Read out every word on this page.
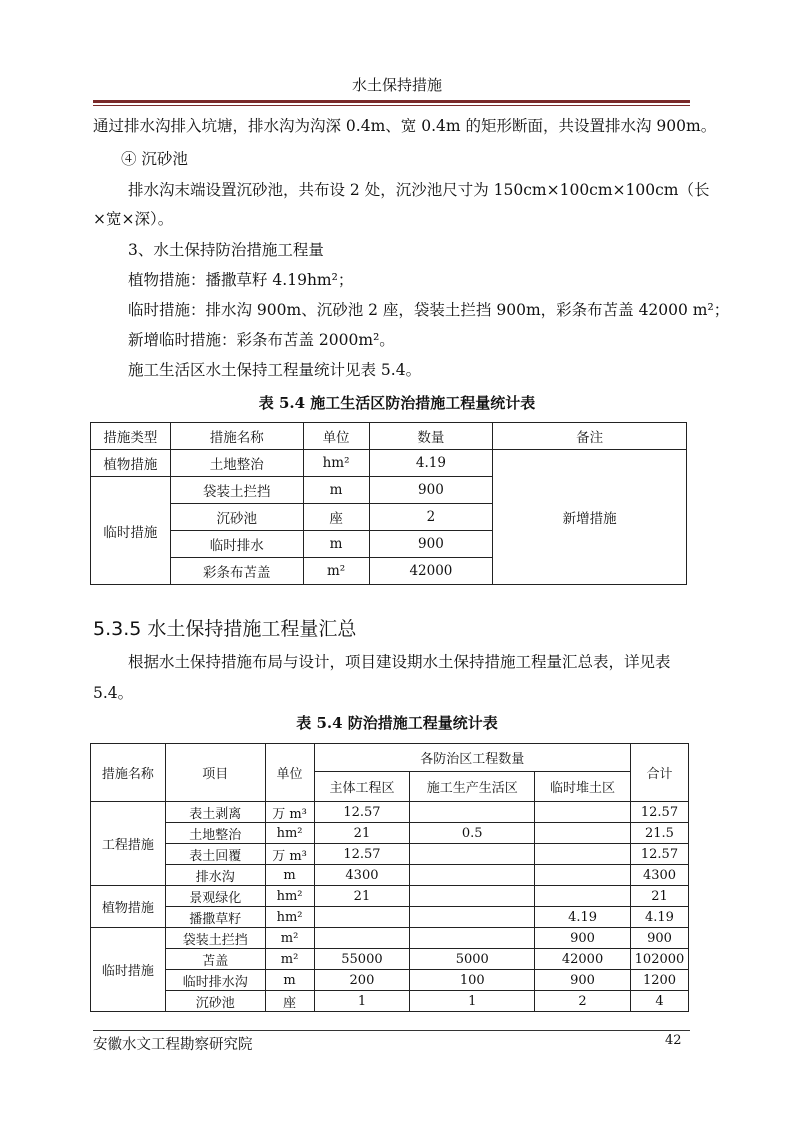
水土保持措施
通过排水沟排入坑塘，排水沟为沟深 0.4m、宽 0.4m 的矩形断面，共设置排水沟 900m。
④ 沉砂池
排水沟末端设置沉砂池，共布设 2 处，沉沙池尺寸为 150cm×100cm×100cm（长
×宽×深）。
3、水土保持防治措施工程量
植物措施：播撒草籽 4.19hm²；
临时措施：排水沟 900m、沉砂池 2 座，袋装土拦挡 900m，彩条布苫盖 42000 m²；
新增临时措施：彩条布苫盖 2000m²。
施工生活区水土保持工程量统计见表 5.4。
表 5.4 施工生活区防治措施工程量统计表
措施类型	措施名称	单位	数量	备注
植物措施	土地整治	hm²	4.19	新增措施
临时措施	袋装土拦挡	m	900	
	沉砂池	座	2	
	临时排水	m	900	
	彩条布苫盖	m²	42000	
5.3.5 水土保持措施工程量汇总
根据水土保持措施布局与设计，项目建设期水土保持措施工程量汇总表，详见表
5.4。
表 5.4 防治措施工程量统计表
措施名称	项目	单位	各防治区工程数量			合计
			主体工程区	施工生产生活区	临时堆土区	
工程措施	表土剥离	万 m³	12.57			12.57
	土地整治	hm²	21	0.5		21.5
	表土回覆	万 m³	12.57			12.57
	排水沟	m	4300			4300
植物措施	景观绿化	hm²	21			21
	播撒草籽	hm²			4.19	4.19
临时措施	袋装土拦挡	m²			900	900
	苫盖	m²	55000	5000	42000	102000
	临时排水沟	m	200	100	900	1200
	沉砂池	座	1	1	2	4
安徽水文工程勘察研究院	42
